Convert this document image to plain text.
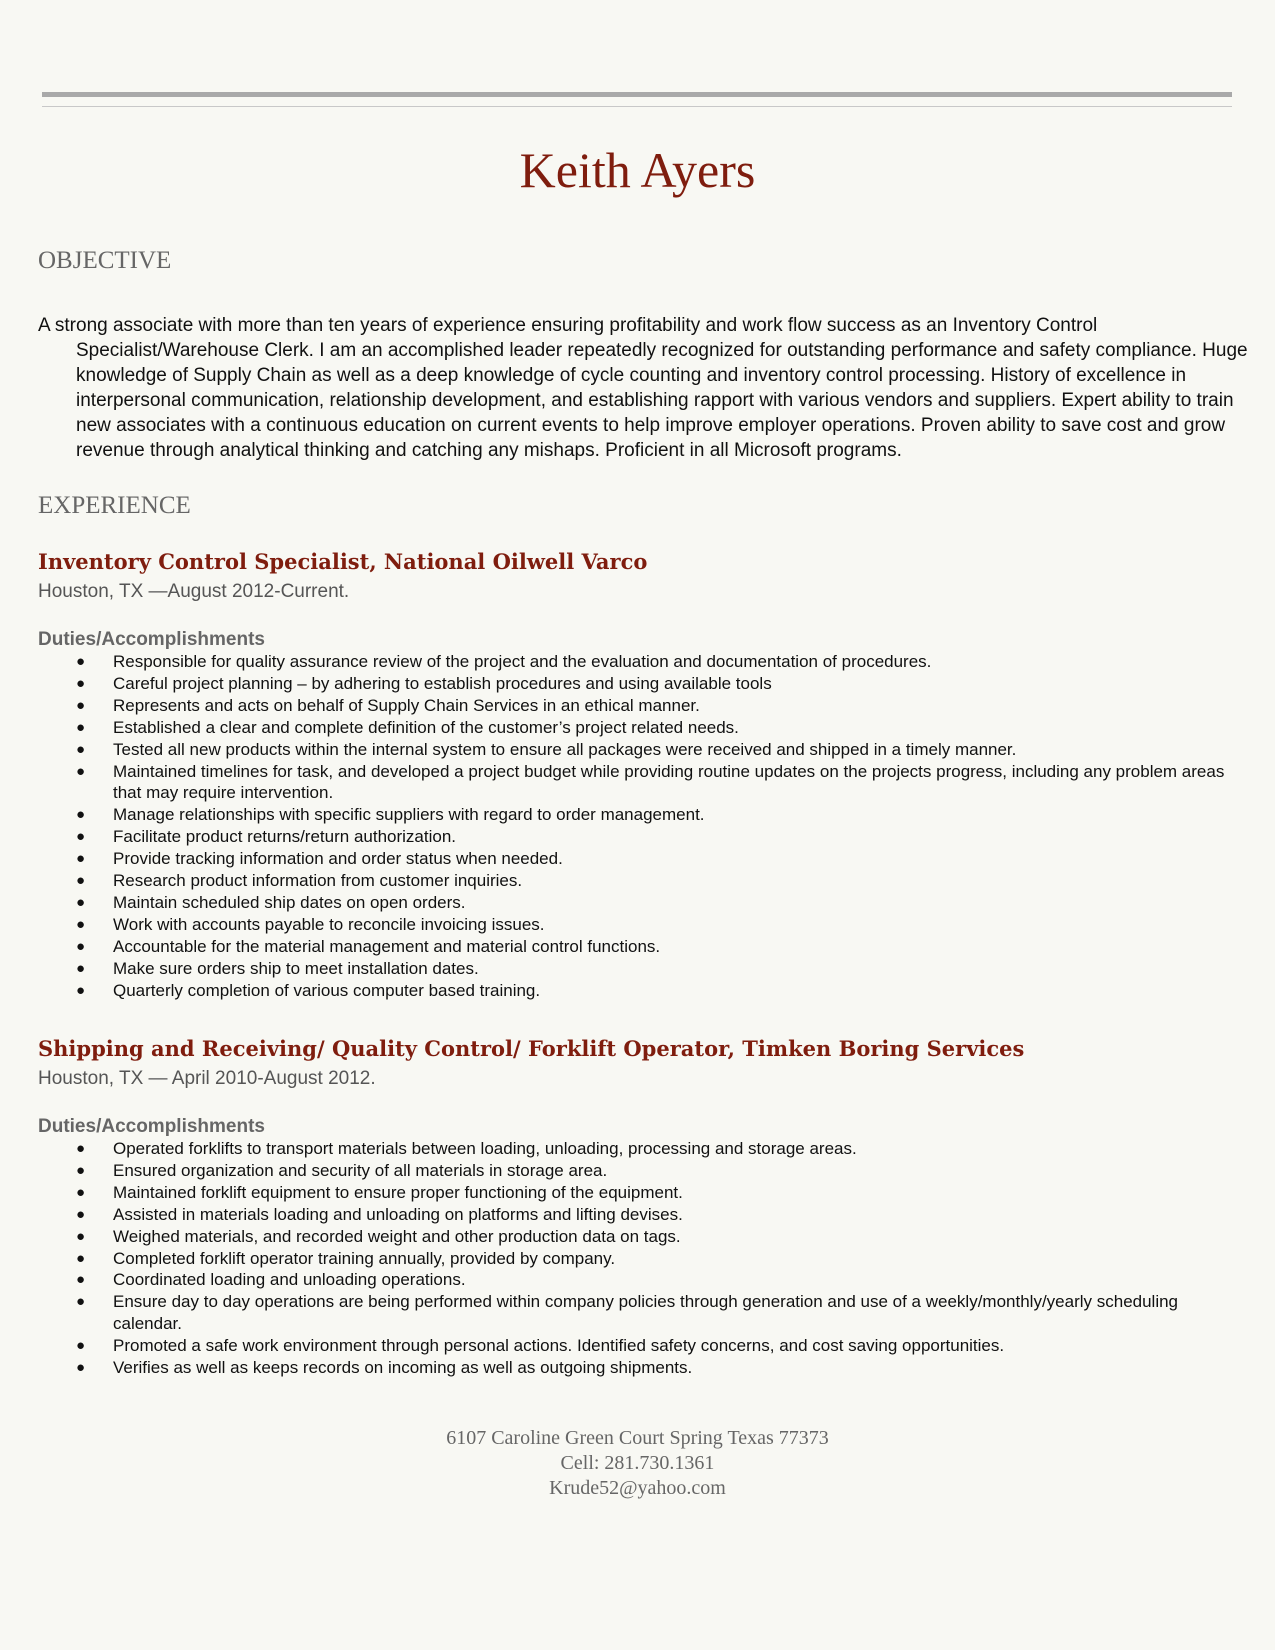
Keith Ayers
OBJECTIVE
A strong associate with more than ten years of experience ensuring profitability and work flow success as an Inventory Control Specialist/Warehouse Clerk. I am an accomplished leader repeatedly recognized for outstanding performance and safety compliance. Huge knowledge of Supply Chain as well as a deep knowledge of cycle counting and inventory control processing. History of excellence in interpersonal communication, relationship development, and establishing rapport with various vendors and suppliers. Expert ability to train new associates with a continuous education on current events to help improve employer operations. Proven ability to save cost and grow revenue through analytical thinking and catching any mishaps. Proficient in all Microsoft programs.
EXPERIENCE
Inventory Control Specialist, National Oilwell Varco
Houston, TX —August 2012-Current.
Duties/Accomplishments
● Responsible for quality assurance review of the project and the evaluation and documentation of procedures.
● Careful project planning – by adhering to establish procedures and using available tools
● Represents and acts on behalf of Supply Chain Services in an ethical manner.
● Established a clear and complete definition of the customer’s project related needs.
● Tested all new products within the internal system to ensure all packages were received and shipped in a timely manner.
● Maintained timelines for task, and developed a project budget while providing routine updates on the projects progress, including any problem areas that may require intervention.
● Manage relationships with specific suppliers with regard to order management.
● Facilitate product returns/return authorization.
● Provide tracking information and order status when needed.
● Research product information from customer inquiries.
● Maintain scheduled ship dates on open orders.
● Work with accounts payable to reconcile invoicing issues.
● Accountable for the material management and material control functions.
● Make sure orders ship to meet installation dates.
● Quarterly completion of various computer based training.
Shipping and Receiving/ Quality Control/ Forklift Operator, Timken Boring Services
Houston, TX — April 2010-August 2012.
Duties/Accomplishments
● Operated forklifts to transport materials between loading, unloading, processing and storage areas.
● Ensured organization and security of all materials in storage area.
● Maintained forklift equipment to ensure proper functioning of the equipment.
● Assisted in materials loading and unloading on platforms and lifting devises.
● Weighed materials, and recorded weight and other production data on tags.
● Completed forklift operator training annually, provided by company.
● Coordinated loading and unloading operations.
● Ensure day to day operations are being performed within company policies through generation and use of a weekly/monthly/yearly scheduling calendar.
● Promoted a safe work environment through personal actions. Identified safety concerns, and cost saving opportunities.
● Verifies as well as keeps records on incoming as well as outgoing shipments.
6107 Caroline Green Court Spring Texas 77373
Cell: 281.730.1361
Krude52@yahoo.com
